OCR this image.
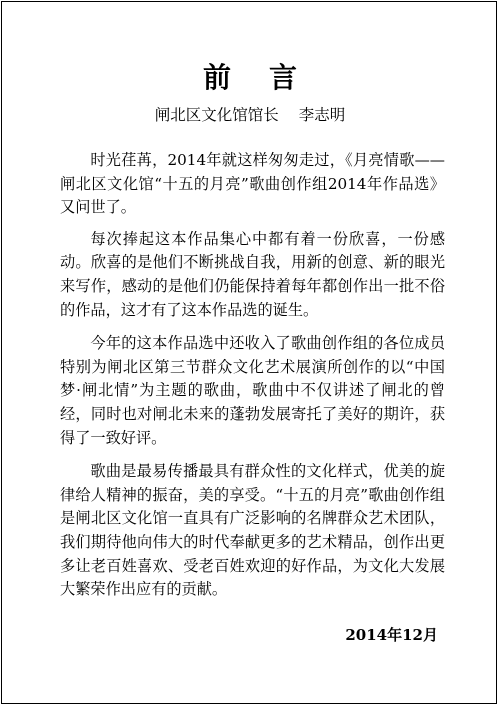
前言
闸北区文化馆馆长 李志明

时光荏苒，2014年就这样匆匆走过，《月亮情歌——闸北区文化馆“十五的月亮”歌曲创作组2014年作品选》又问世了。

每次捧起这本作品集心中都有着一份欣喜，一份感动。欣喜的是他们不断挑战自我，用新的创意、新的眼光来写作，感动的是他们仍能保持着每年都创作出一批不俗的作品，这才有了这本作品选的诞生。

今年的这本作品选中还收入了歌曲创作组的各位成员特别为闸北区第三节群众文化艺术展演所创作的以“中国梦·闸北情”为主题的歌曲，歌曲中不仅讲述了闸北的曾经，同时也对闸北未来的蓬勃发展寄托了美好的期许，获得了一致好评。

歌曲是最易传播最具有群众性的文化样式，优美的旋律给人精神的振奋，美的享受。“十五的月亮”歌曲创作组是闸北区文化馆一直具有广泛影响的名牌群众艺术团队，我们期待他向伟大的时代奉献更多的艺术精品，创作出更多让老百姓喜欢、受老百姓欢迎的好作品，为文化大发展大繁荣作出应有的贡献。

2014年12月
